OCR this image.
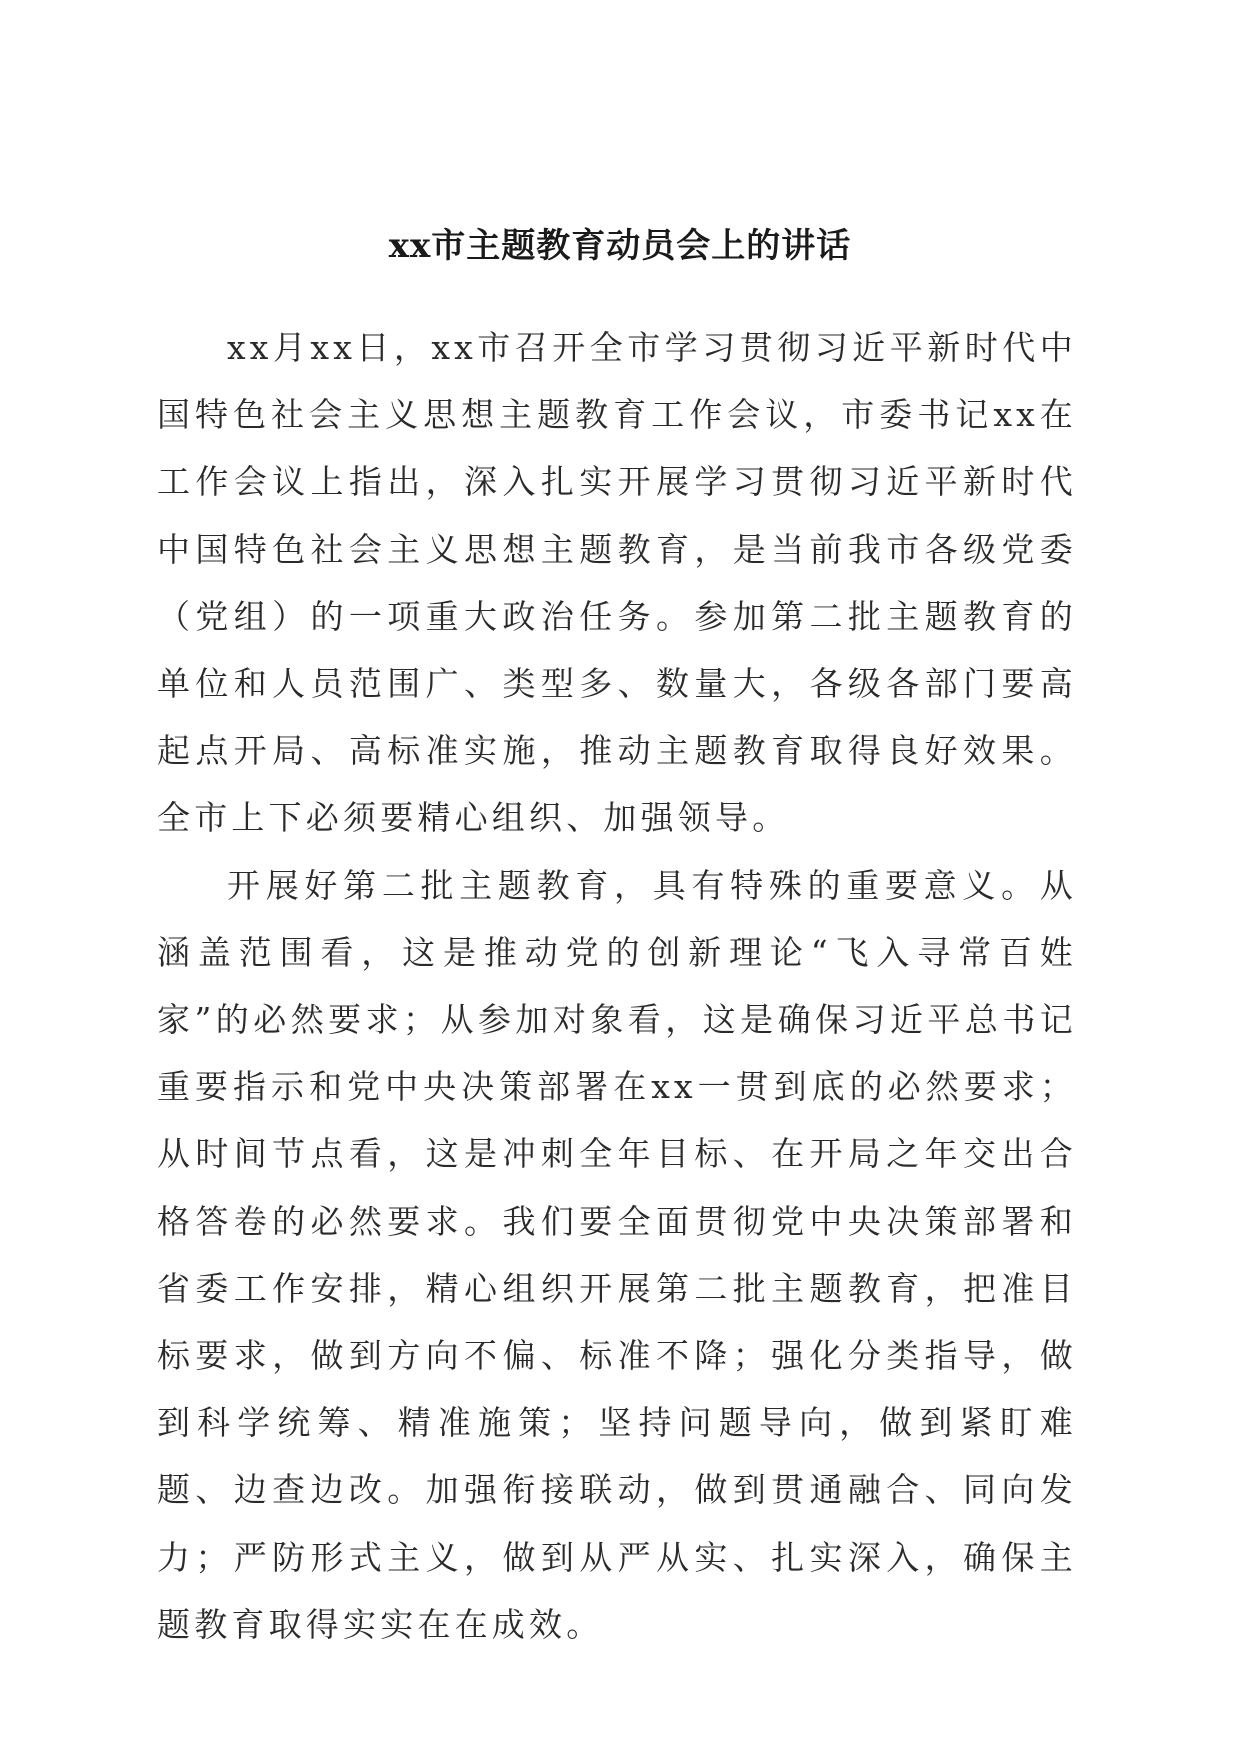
xx市主题教育动员会上的讲话

xx月xx日，xx市召开全市学习贯彻习近平新时代中国特色社会主义思想主题教育工作会议，市委书记xx在工作会议上指出，深入扎实开展学习贯彻习近平新时代中国特色社会主义思想主题教育，是当前我市各级党委（党组）的一项重大政治任务。参加第二批主题教育的单位和人员范围广、类型多、数量大，各级各部门要高起点开局、高标准实施，推动主题教育取得良好效果。全市上下必须要精心组织、加强领导。

开展好第二批主题教育，具有特殊的重要意义。从涵盖范围看，这是推动党的创新理论“飞入寻常百姓家”的必然要求；从参加对象看，这是确保习近平总书记重要指示和党中央决策部署在xx一贯到底的必然要求；从时间节点看，这是冲刺全年目标、在开局之年交出合格答卷的必然要求。我们要全面贯彻党中央决策部署和省委工作安排，精心组织开展第二批主题教育，把准目标要求，做到方向不偏、标准不降；强化分类指导，做到科学统筹、精准施策；坚持问题导向，做到紧盯难题、边查边改。加强衔接联动，做到贯通融合、同向发力；严防形式主义，做到从严从实、扎实深入，确保主题教育取得实实在在成效。
